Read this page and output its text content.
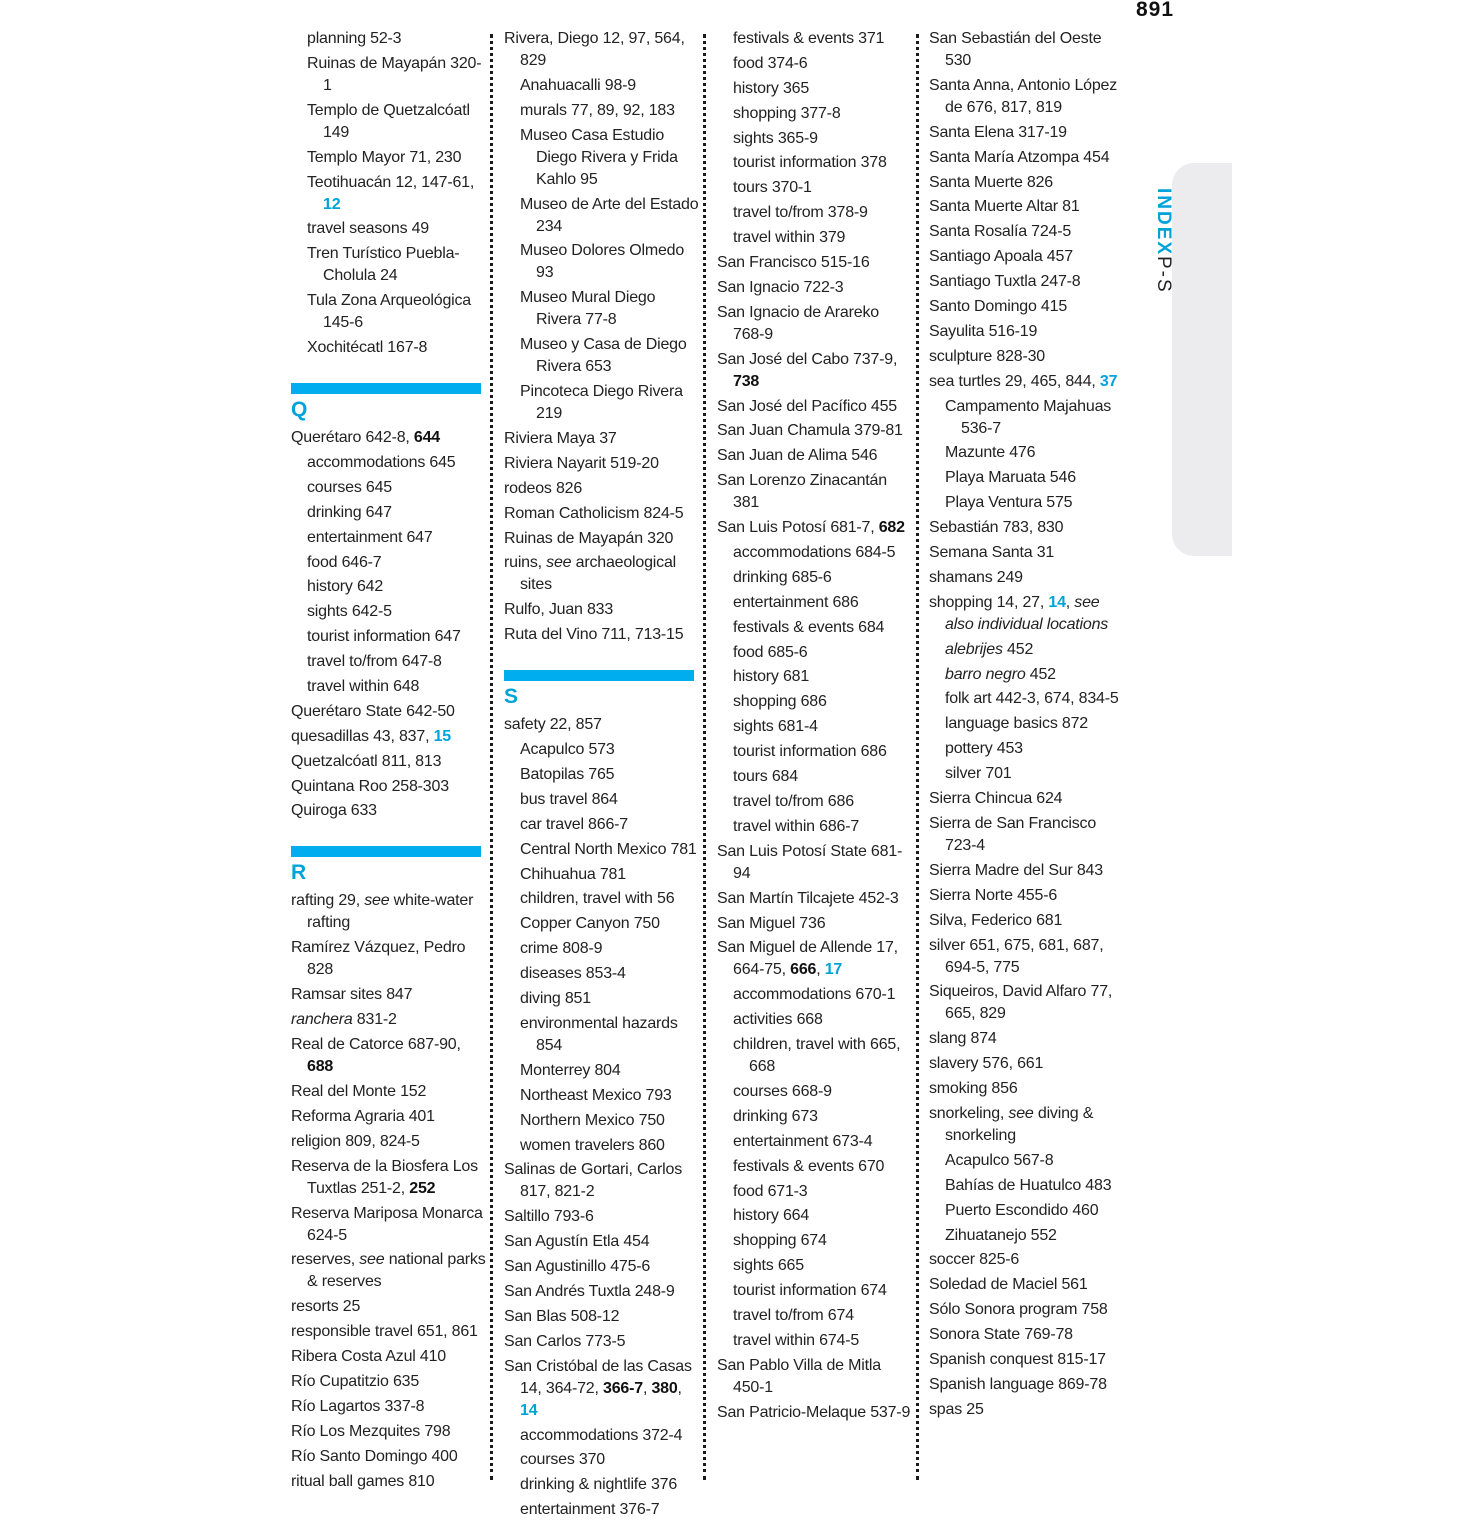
891
INDEXP-S
planning 52-3
Ruinas de Mayapán 320-1
Templo de Quetzalcóatl 149
Templo Mayor 71, 230
Teotihuacán 12, 147-61, 12
travel seasons 49
Tren Turístico Puebla-Cholula 24
Tula Zona Arqueológica 145-6
Xochitécatl 167-8
Q
Querétaro 642-8, 644
accommodations 645
courses 645
drinking 647
entertainment 647
food 646-7
history 642
sights 642-5
tourist information 647
travel to/from 647-8
travel within 648
Querétaro State 642-50
quesadillas 43, 837, 15
Quetzalcóatl 811, 813
Quintana Roo 258-303
Quiroga 633
R
rafting 29, see white-water rafting
Ramírez Vázquez, Pedro 828
Ramsar sites 847
ranchera 831-2
Real de Catorce 687-90, 688
Real del Monte 152
Reforma Agraria 401
religion 809, 824-5
Reserva de la Biosfera Los Tuxtlas 251-2, 252
Reserva Mariposa Monarca 624-5
reserves, see national parks & reserves
resorts 25
responsible travel 651, 861
Ribera Costa Azul 410
Río Cupatitzio 635
Río Lagartos 337-8
Río Los Mezquites 798
Río Santo Domingo 400
ritual ball games 810
Rivera, Diego 12, 97, 564, 829
Anahuacalli 98-9
murals 77, 89, 92, 183
Museo Casa Estudio Diego Rivera y Frida Kahlo 95
Museo de Arte del Estado 234
Museo Dolores Olmedo 93
Museo Mural Diego Rivera 77-8
Museo y Casa de Diego Rivera 653
Pincoteca Diego Rivera 219
Riviera Maya 37
Riviera Nayarit 519-20
rodeos 826
Roman Catholicism 824-5
Ruinas de Mayapán 320
ruins, see archaeological sites
Rulfo, Juan 833
Ruta del Vino 711, 713-15
S
safety 22, 857
Acapulco 573
Batopilas 765
bus travel 864
car travel 866-7
Central North Mexico 781
Chihuahua 781
children, travel with 56
Copper Canyon 750
crime 808-9
diseases 853-4
diving 851
environmental hazards 854
Monterrey 804
Northeast Mexico 793
Northern Mexico 750
women travelers 860
Salinas de Gortari, Carlos 817, 821-2
Saltillo 793-6
San Agustín Etla 454
San Agustinillo 475-6
San Andrés Tuxtla 248-9
San Blas 508-12
San Carlos 773-5
San Cristóbal de las Casas 14, 364-72, 366-7, 380, 14
accommodations 372-4
courses 370
drinking & nightlife 376
entertainment 376-7
festivals & events 371
food 374-6
history 365
shopping 377-8
sights 365-9
tourist information 378
tours 370-1
travel to/from 378-9
travel within 379
San Francisco 515-16
San Ignacio 722-3
San Ignacio de Arareko 768-9
San José del Cabo 737-9, 738
San José del Pacífico 455
San Juan Chamula 379-81
San Juan de Alima 546
San Lorenzo Zinacantán 381
San Luis Potosí 681-7, 682
accommodations 684-5
drinking 685-6
entertainment 686
festivals & events 684
food 685-6
history 681
shopping 686
sights 681-4
tourist information 686
tours 684
travel to/from 686
travel within 686-7
San Luis Potosí State 681-94
San Martín Tilcajete 452-3
San Miguel 736
San Miguel de Allende 17, 664-75, 666, 17
accommodations 670-1
activities 668
children, travel with 665, 668
courses 668-9
drinking 673
entertainment 673-4
festivals & events 670
food 671-3
history 664
shopping 674
sights 665
tourist information 674
travel to/from 674
travel within 674-5
San Pablo Villa de Mitla 450-1
San Patricio-Melaque 537-9
San Sebastián del Oeste 530
Santa Anna, Antonio López de 676, 817, 819
Santa Elena 317-19
Santa María Atzompa 454
Santa Muerte 826
Santa Muerte Altar 81
Santa Rosalía 724-5
Santiago Apoala 457
Santiago Tuxtla 247-8
Santo Domingo 415
Sayulita 516-19
sculpture 828-30
sea turtles 29, 465, 844, 37
Campamento Majahuas 536-7
Mazunte 476
Playa Maruata 546
Playa Ventura 575
Sebastián 783, 830
Semana Santa 31
shamans 249
shopping 14, 27, 14, see also individual locations
alebrijes 452
barro negro 452
folk art 442-3, 674, 834-5
language basics 872
pottery 453
silver 701
Sierra Chincua 624
Sierra de San Francisco 723-4
Sierra Madre del Sur 843
Sierra Norte 455-6
Silva, Federico 681
silver 651, 675, 681, 687, 694-5, 775
Siqueiros, David Alfaro 77, 665, 829
slang 874
slavery 576, 661
smoking 856
snorkeling, see diving & snorkeling
Acapulco 567-8
Bahías de Huatulco 483
Puerto Escondido 460
Zihuatanejo 552
soccer 825-6
Soledad de Maciel 561
Sólo Sonora program 758
Sonora State 769-78
Spanish conquest 815-17
Spanish language 869-78
spas 25
